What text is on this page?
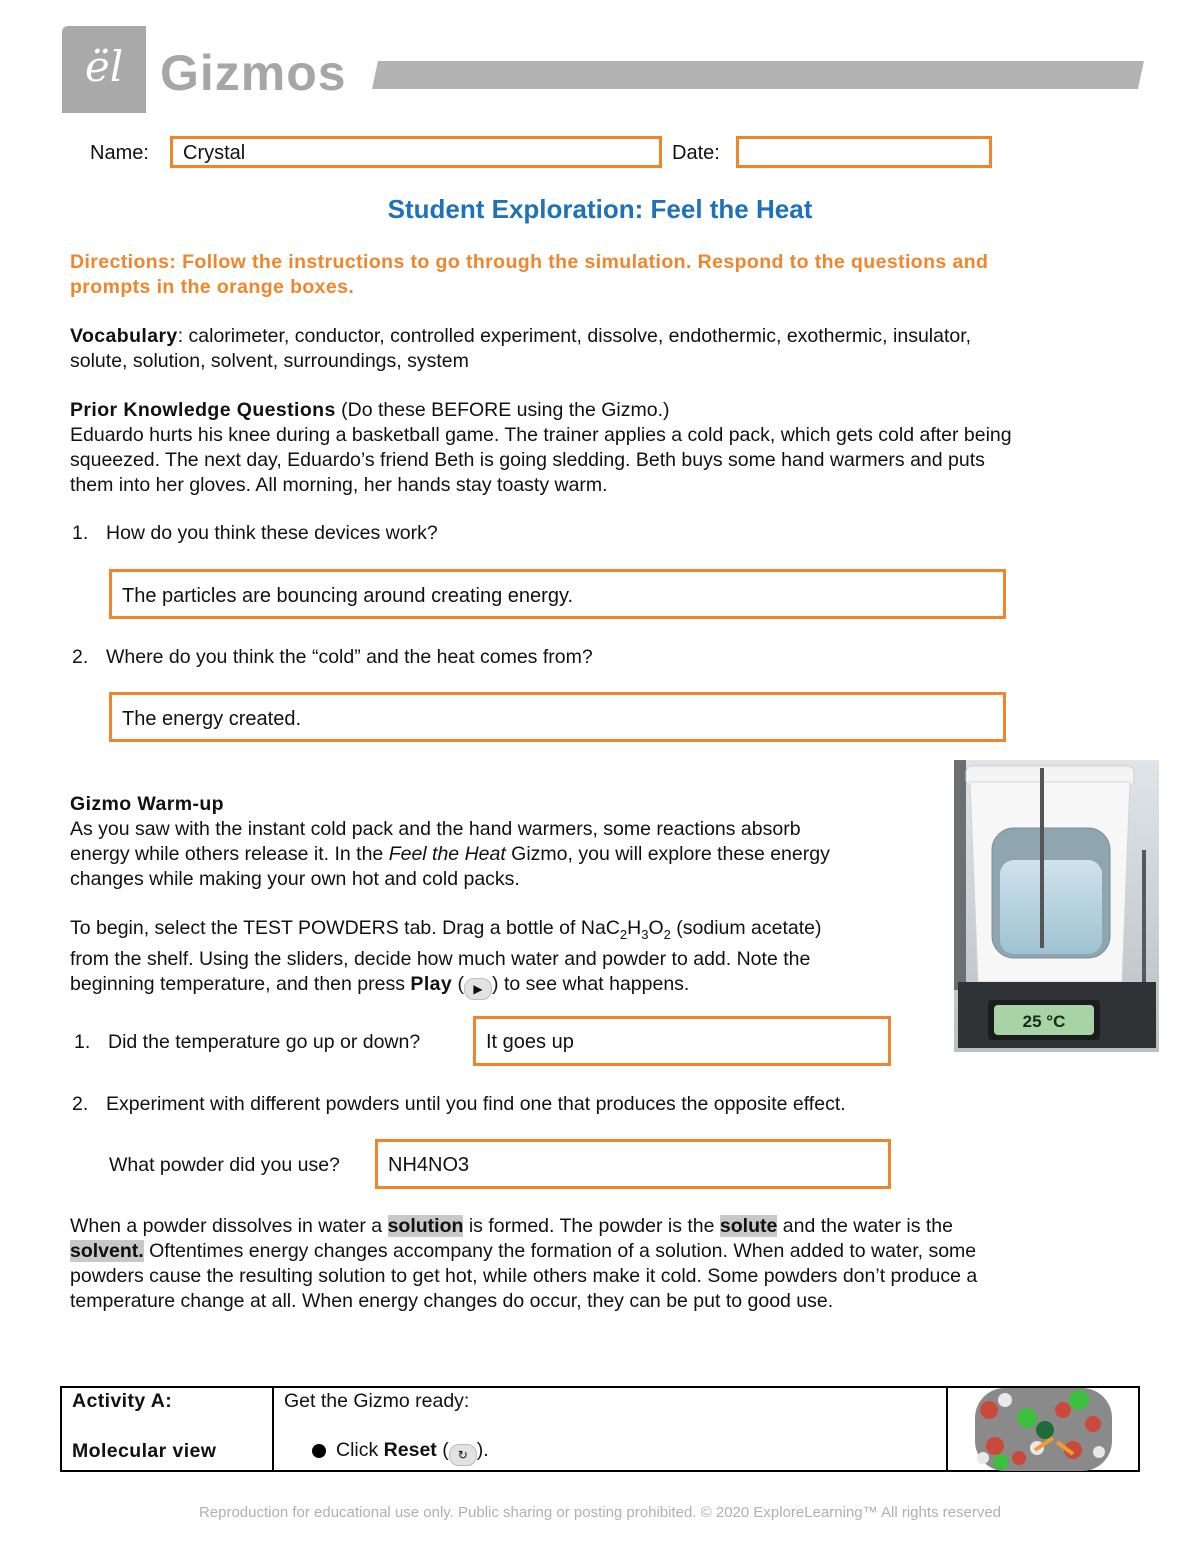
ël Gizmos
Name:	Crystal	Date:
Student Exploration: Feel the Heat
Directions: Follow the instructions to go through the simulation. Respond to the questions and
prompts in the orange boxes.
Vocabulary: calorimeter, conductor, controlled experiment, dissolve, endothermic, exothermic, insulator,
solute, solution, solvent, surroundings, system
Prior Knowledge Questions (Do these BEFORE using the Gizmo.)
Eduardo hurts his knee during a basketball game. The trainer applies a cold pack, which gets cold after being
squeezed. The next day, Eduardo’s friend Beth is going sledding. Beth buys some hand warmers and puts
them into her gloves. All morning, her hands stay toasty warm.
1. How do you think these devices work?
The particles are bouncing around creating energy.
2. Where do you think the “cold” and the heat comes from?
The energy created.
Gizmo Warm-up
As you saw with the instant cold pack and the hand warmers, some reactions absorb
energy while others release it. In the Feel the Heat Gizmo, you will explore these energy
changes while making your own hot and cold packs.
To begin, select the TEST POWDERS tab. Drag a bottle of $NaC_2H_3O_2$ (sodium acetate)
from the shelf. Using the sliders, decide how much water and powder to add. Note the
beginning temperature, and then press Play ( ▶ ) to see what happens.
25 °C
1. Did the temperature go up or down?	It goes up
2. Experiment with different powders until you find one that produces the opposite effect.
What powder did you use?	NH4NO3
When a powder dissolves in water a solution is formed. The powder is the solute and the water is the
solvent. Oftentimes energy changes accompany the formation of a solution. When added to water, some
powders cause the resulting solution to get hot, while others make it cold. Some powders don’t produce a
temperature change at all. When energy changes do occur, they can be put to good use.
Activity A:
Molecular view
Get the Gizmo ready:
Click Reset ( ↻ ).
Reproduction for educational use only. Public sharing or posting prohibited. © 2020 ExploreLearning™ All rights reserved
